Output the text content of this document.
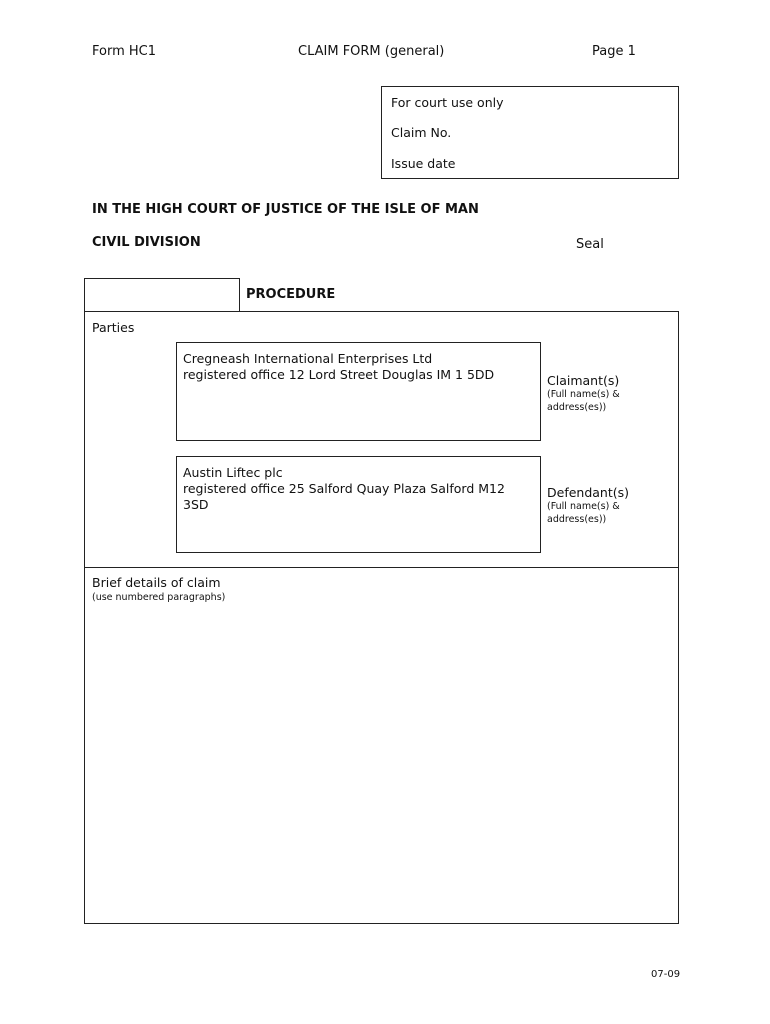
Form HC1	CLAIM FORM (general)	Page 1
For court use only
Claim No.
Issue date
IN THE HIGH COURT OF JUSTICE OF THE ISLE OF MAN
CIVIL DIVISION	Seal
PROCEDURE
Parties
Cregneash International Enterprises Ltd
registered office 12 Lord Street Douglas IM 1 5DD	Claimant(s)
(Full name(s) & address(es))
Austin Liftec plc
registered office 25 Salford Quay Plaza Salford M12 3SD
Defendant(s)
(Full name(s) & address(es))
Brief details of claim
(use numbered paragraphs)
07-09
